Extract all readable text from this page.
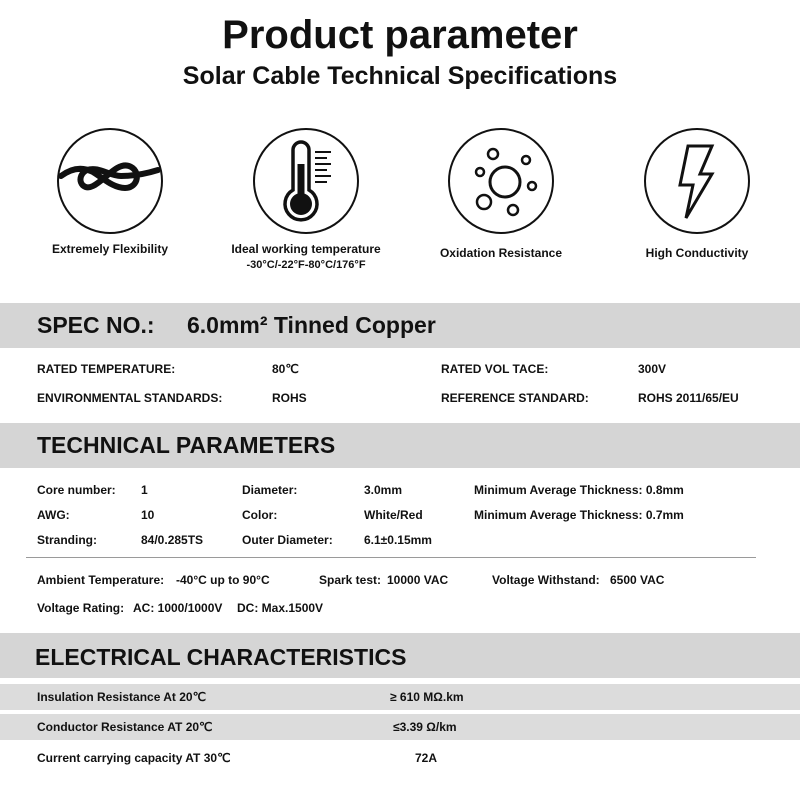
Product parameter
Solar Cable Technical Specifications
Extremely Flexibility	Ideal working temperature
-30°C/-22°F-80°C/176°F
Oxidation Resistance	High Conductivity
SPEC NO.: 6.0mm² Tinned Copper
RATED TEMPERATURE:	80℃	RATED VOL TACE:	300V
ENVIRONMENTAL STANDARDS:	ROHS	REFERENCE STANDARD:	ROHS 2011/65/EU
TECHNICAL PARAMETERS
Core number: 1	Diameter:	3.0mm	Minimum Average Thickness: 0.8mm
AWG:	10	Color:	White/Red	Minimum Average Thickness: 0.7mm
Stranding:	84/0.285TS	Outer Diameter:	6.1±0.15mm
Ambient Temperature: -40°C up to 90°C	Spark test: 10000 VAC	Voltage Withstand: 6500 VAC
Voltage Rating: AC: 1000/1000V DC: Max.1500V
ELECTRICAL CHARACTERISTICS
Insulation Resistance At 20℃	≥ 610 MΩ.km
Conductor Resistance AT 20℃	≤3.39 Ω/km
Current carrying capacity AT 30℃	72A
